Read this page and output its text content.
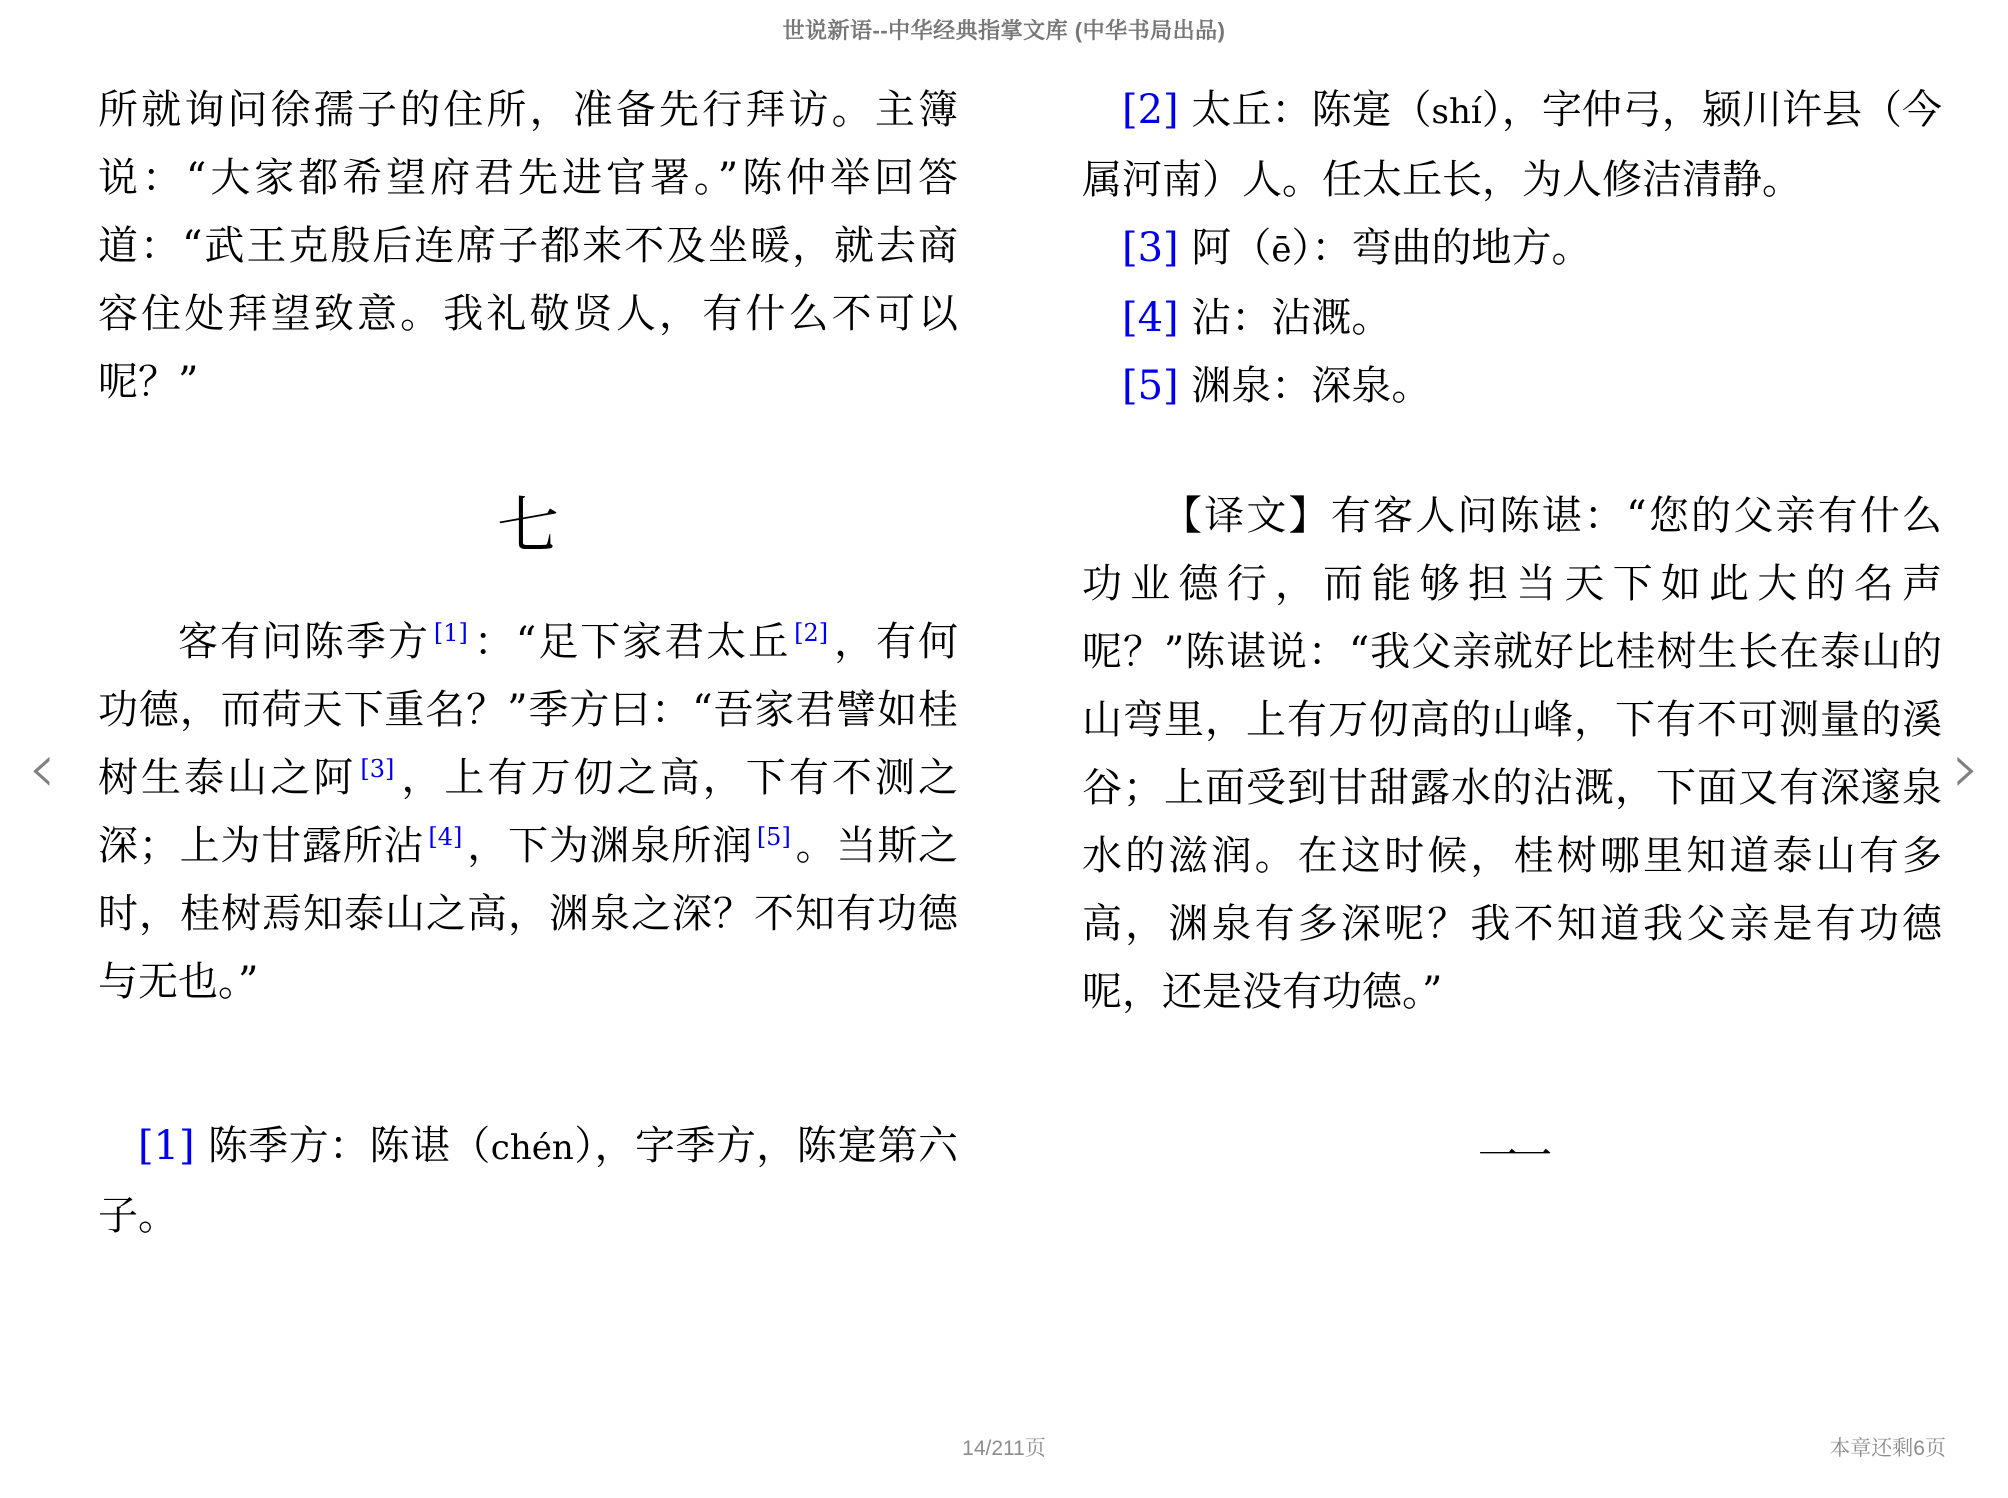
世说新语--中华经典指掌文库 (中华书局出品)
‹	›

所就询问徐孺子的住所，准备先行拜访。主簿说：“大家都希望府君先进官署。”陈仲举回答道：“武王克殷后连席子都来不及坐暖，就去商容住处拜望致意。我礼敬贤人，有什么不可以呢？”

七

客有问陈季方 [1] ：“足下家君太丘 [2] ，有何功德，而荷天下重名？”季方曰：“吾家君譬如桂树生泰山之阿 [3] ，上有万仞之高，下有不测之深；上为甘露所沾 [4] ，下为渊泉所润 [5] 。当斯之时，桂树焉知泰山之高，渊泉之深？不知有功德与无也。”

[1] 陈季方：陈谌（chén），字季方，陈寔第六子。

[2] 太丘：陈寔（shí），字仲弓，颍川许县（今属河南）人。任太丘长，为人修洁清静。

[3] 阿（ē）：弯曲的地方。

[4] 沾：沾溉。

[5] 渊泉：深泉。

【译文】有客人问陈谌：“您的父亲有什么功业德行，而能够担当天下如此大的名声呢？”陈谌说：“我父亲就好比桂树生长在泰山的山弯里，上有万仞高的山峰，下有不可测量的溪谷；上面受到甘甜露水的沾溉，下面又有深邃泉水的滋润。在这时候，桂树哪里知道泰山有多高，渊泉有多深呢？我不知道我父亲是有功德呢，还是没有功德。”

一一
14/211页	本章还剩6页
